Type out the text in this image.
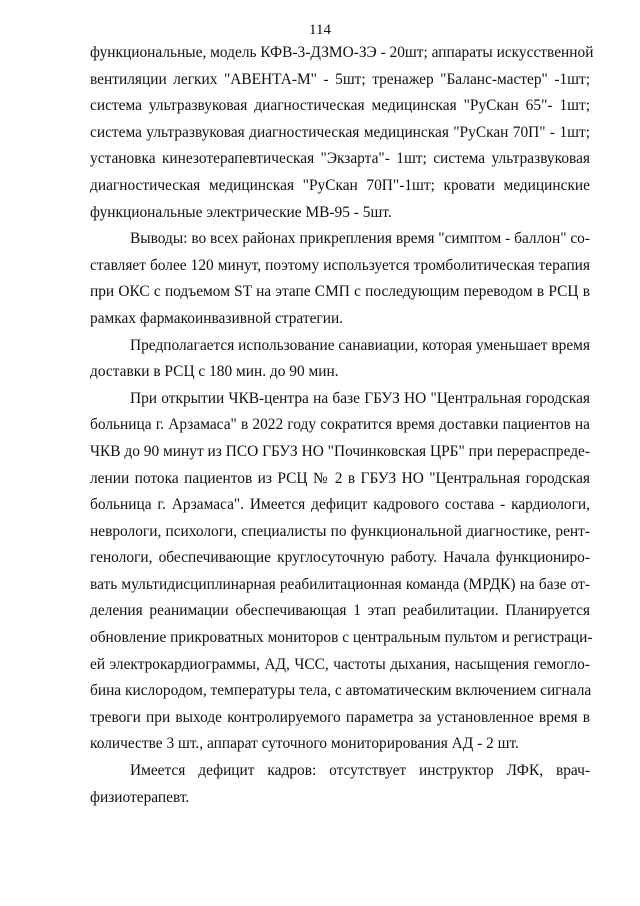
114
функциональные, модель КФВ-3-ДЗМО-ЗЭ - 20шт; аппараты искусственной
вентиляции легких "АВЕНТА-М" - 5шт; тренажер "Баланс-мастер" -1шт;
система ультразвуковая диагностическая медицинская "РуСкан 65"- 1шт;
система ультразвуковая диагностическая медицинская "РуСкан 70П" - 1шт;
установка кинезотерапевтическая "Экзарта"- 1шт; система ультразвуковая
диагностическая медицинская "РуСкан 70П"-1шт; кровати медицинские
функциональные электрические МВ-95 - 5шт.
Выводы: во всех районах прикрепления время "симптом - баллон" со-
ставляет более 120 минут, поэтому используется тромболитическая терапия
при ОКС с подъемом ST на этапе СМП с последующим переводом в РСЦ в
рамках фармакоинвазивной стратегии.
Предполагается использование санавиации, которая уменьшает время
доставки в РСЦ с 180 мин. до 90 мин.
При открытии ЧКВ-центра на базе ГБУЗ НО "Центральная городская
больница г. Арзамаса" в 2022 году сократится время доставки пациентов на
ЧКВ до 90 минут из ПСО ГБУЗ НО "Починковская ЦРБ" при перераспреде-
лении потока пациентов из РСЦ № 2 в ГБУЗ НО "Центральная городская
больница г. Арзамаса". Имеется дефицит кадрового состава - кардиологи,
неврологи, психологи, специалисты по функциональной диагностике, рент-
генологи, обеспечивающие круглосуточную работу. Начала функциониро-
вать мультидисциплинарная реабилитационная команда (МРДК) на базе от-
деления реанимации обеспечивающая 1 этап реабилитации. Планируется
обновление прикроватных мониторов с центральным пультом и регистраци-
ей электрокардиограммы, АД, ЧСС, частоты дыхания, насыщения гемогло-
бина кислородом, температуры тела, с автоматическим включением сигнала
тревоги при выходе контролируемого параметра за установленное время в
количестве 3 шт., аппарат суточного мониторирования АД - 2 шт.
Имеется дефицит кадров: отсутствует инструктор ЛФК, врач-
физиотерапевт.
